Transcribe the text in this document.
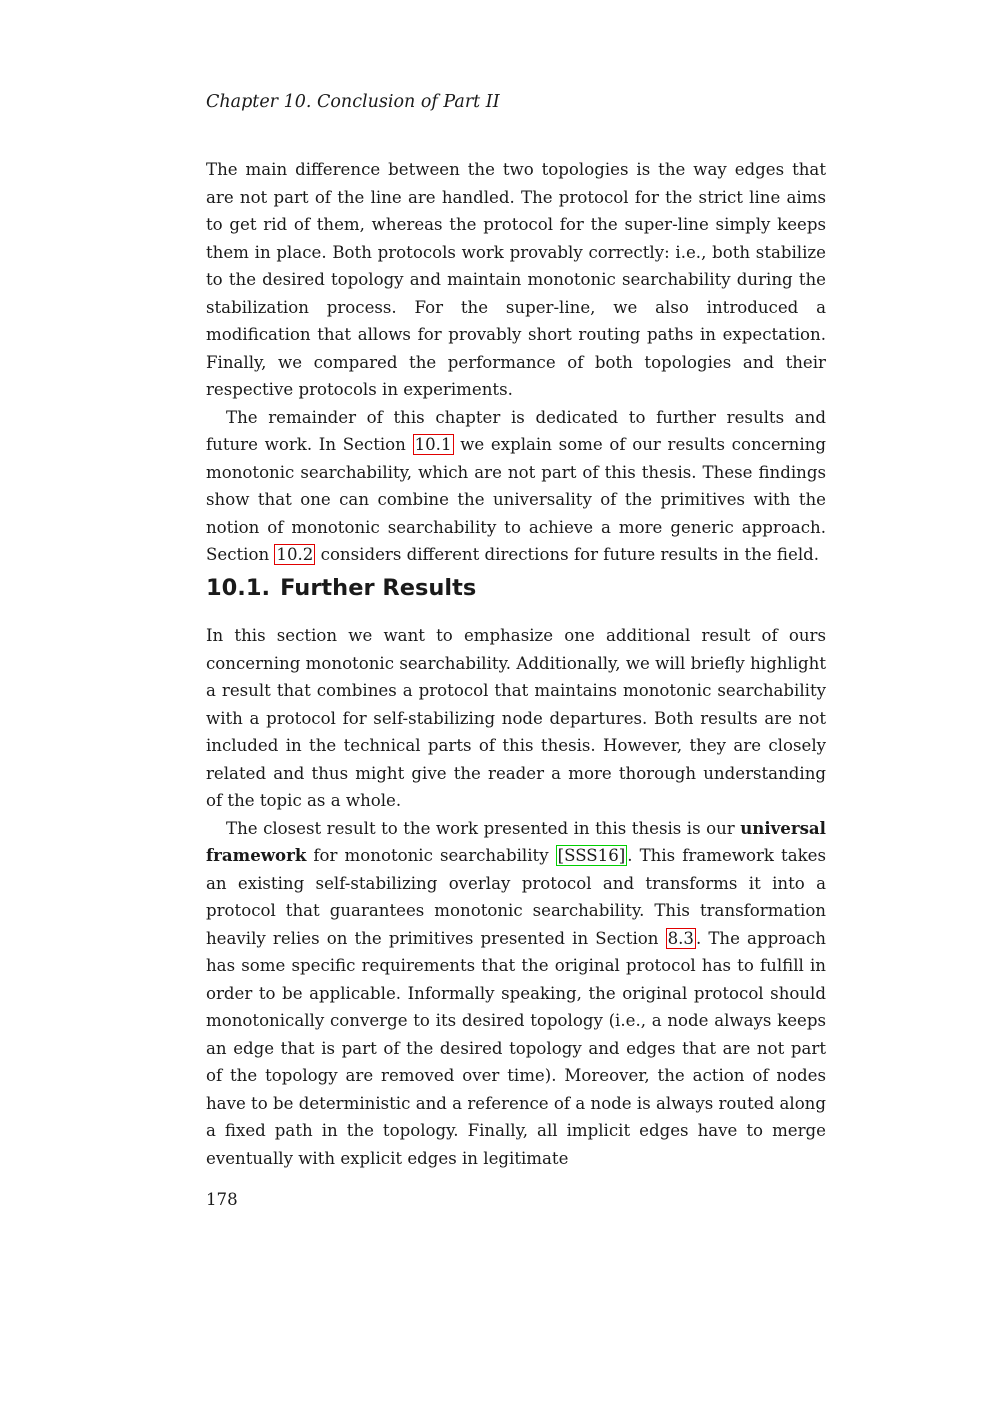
Chapter 10. Conclusion of Part II

The main difference between the two topologies is the way edges that are not part of the line are handled. The protocol for the strict line aims to get rid of them, whereas the protocol for the super-line simply keeps them in place. Both protocols work provably correctly: i.e., both stabilize to the desired topology and maintain monotonic searchability during the stabilization process. For the super-line, we also introduced a modification that allows for provably short routing paths in expectation. Finally, we compared the performance of both topologies and their respective protocols in experiments.

The remainder of this chapter is dedicated to further results and future work. In Section 10.1 we explain some of our results concerning monotonic searchability, which are not part of this thesis. These findings show that one can combine the universality of the primitives with the notion of monotonic searchability to achieve a more generic approach. Section 10.2 considers different directions for future results in the field.

10.1. Further Results

In this section we want to emphasize one additional result of ours concerning monotonic searchability. Additionally, we will briefly highlight a result that combines a protocol that maintains monotonic searchability with a protocol for self-stabilizing node departures. Both results are not included in the technical parts of this thesis. However, they are closely related and thus might give the reader a more thorough understanding of the topic as a whole.

The closest result to the work presented in this thesis is our universal framework for monotonic searchability [SSS16] . This framework takes an existing self-stabilizing overlay protocol and transforms it into a protocol that guarantees monotonic searchability. This transformation heavily relies on the primitives presented in Section 8.3 . The approach has some specific requirements that the original protocol has to fulfill in order to be applicable. Informally speaking, the original protocol should monotonically converge to its desired topology (i.e., a node always keeps an edge that is part of the desired topology and edges that are not part of the topology are removed over time). Moreover, the action of nodes have to be deterministic and a reference of a node is always routed along a fixed path in the topology. Finally, all implicit edges have to merge eventually with explicit edges in legitimate

178
